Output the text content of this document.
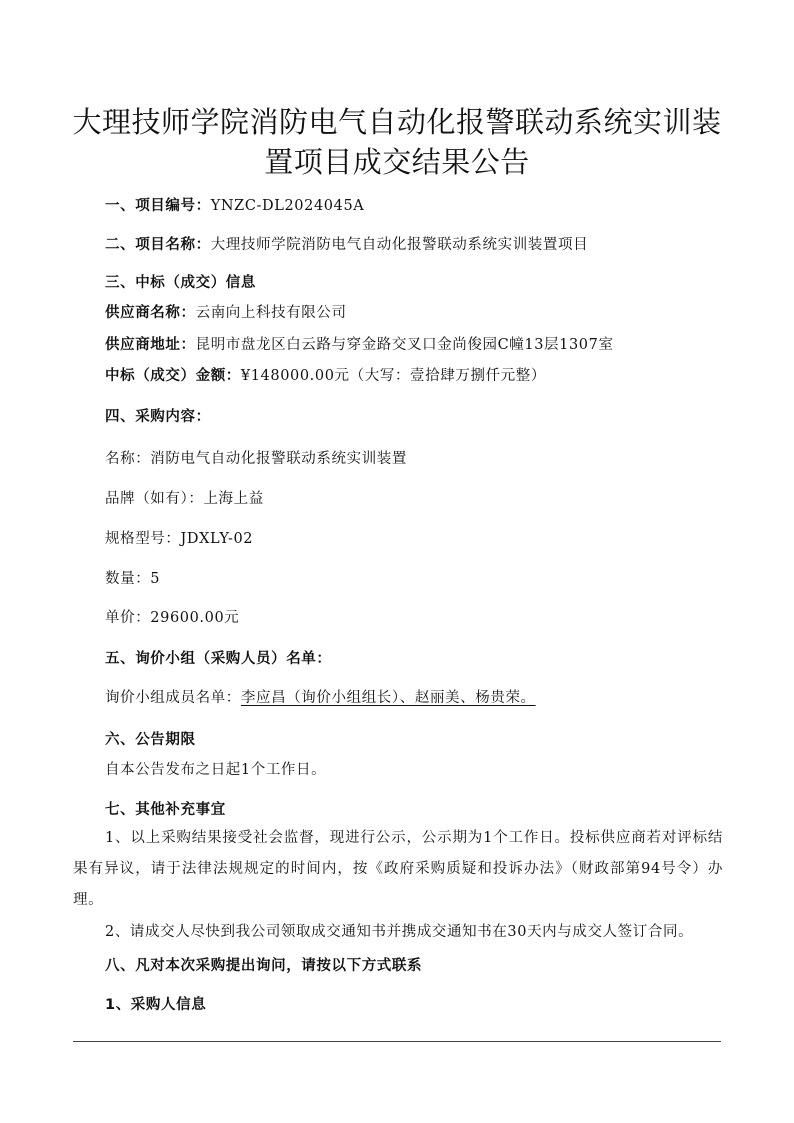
大理技师学院消防电气自动化报警联动系统实训装
置项目成交结果公告
一、项目编号：YNZC-DL2024045A
二、项目名称：大理技师学院消防电气自动化报警联动系统实训装置项目
三、中标（成交）信息
供应商名称：云南向上科技有限公司
供应商地址：昆明市盘龙区白云路与穿金路交叉口金尚俊园C幢13层1307室
中标（成交）金额：¥148000.00元（大写：壹拾肆万捌仟元整）
四、采购内容：
名称：消防电气自动化报警联动系统实训装置
品牌（如有）：上海上益
规格型号：JDXLY-02
数量：5
单价：29600.00元
五、询价小组（采购人员）名单：
询价小组成员名单：李应昌（询价小组组长）、赵丽美、杨贵荣。
六、公告期限
自本公告发布之日起1个工作日。
七、其他补充事宜
1、以上采购结果接受社会监督，现进行公示，公示期为1个工作日。投标供应商若对评标结果有异议，请于法律法规规定的时间内，按《政府采购质疑和投诉办法》（财政部第94号令）办理。
2、请成交人尽快到我公司领取成交通知书并携成交通知书在30天内与成交人签订合同。
八、凡对本次采购提出询问，请按以下方式联系
1、采购人信息
